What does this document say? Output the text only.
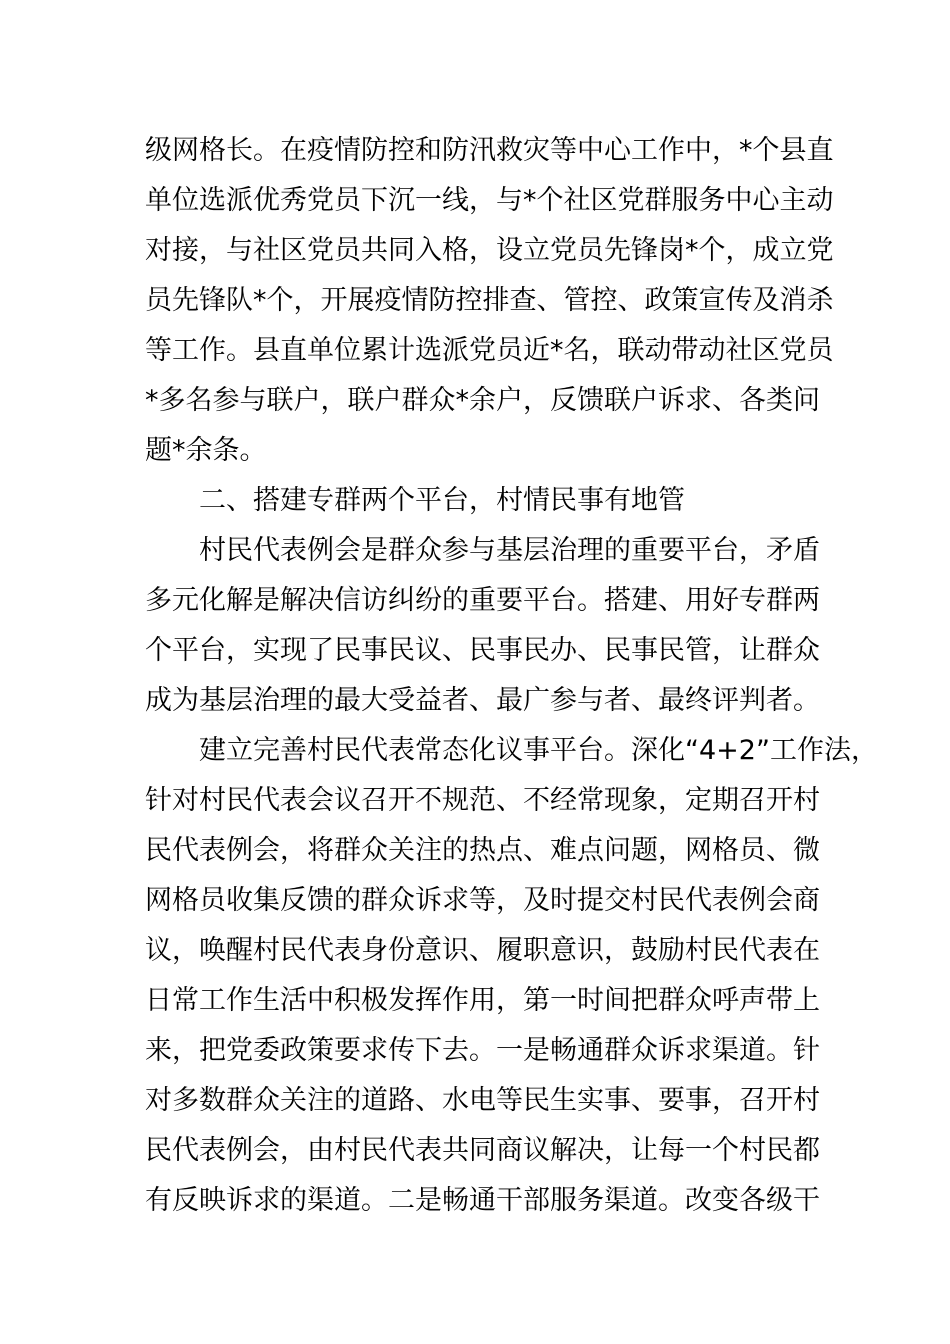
级网格长。在疫情防控和防汛救灾等中心工作中，*个县直
单位选派优秀党员下沉一线，与*个社区党群服务中心主动
对接，与社区党员共同入格，设立党员先锋岗*个，成立党
员先锋队*个，开展疫情防控排查、管控、政策宣传及消杀
等工作。县直单位累计选派党员近*名，联动带动社区党员
*多名参与联户，联户群众*余户，反馈联户诉求、各类问
题*余条。
二、搭建专群两个平台，村情民事有地管
村民代表例会是群众参与基层治理的重要平台，矛盾
多元化解是解决信访纠纷的重要平台。搭建、用好专群两
个平台，实现了民事民议、民事民办、民事民管，让群众
成为基层治理的最大受益者、最广参与者、最终评判者。
建立完善村民代表常态化议事平台。深化“4+2”工作法，
针对村民代表会议召开不规范、不经常现象，定期召开村
民代表例会，将群众关注的热点、难点问题，网格员、微
网格员收集反馈的群众诉求等，及时提交村民代表例会商
议，唤醒村民代表身份意识、履职意识，鼓励村民代表在
日常工作生活中积极发挥作用，第一时间把群众呼声带上
来，把党委政策要求传下去。一是畅通群众诉求渠道。针
对多数群众关注的道路、水电等民生实事、要事，召开村
民代表例会，由村民代表共同商议解决，让每一个村民都
有反映诉求的渠道。二是畅通干部服务渠道。改变各级干
